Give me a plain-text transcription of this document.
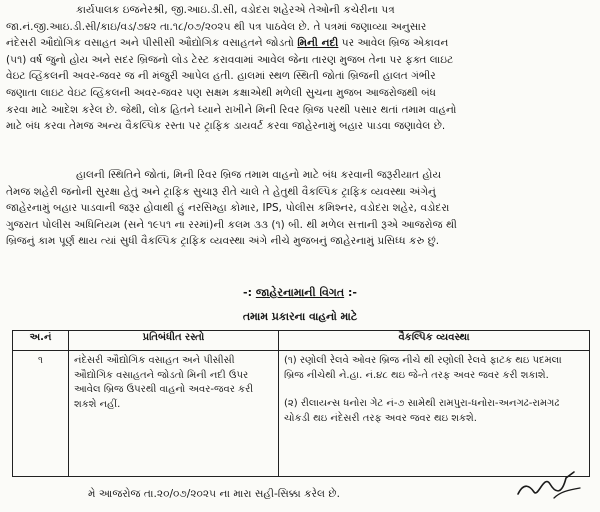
કાર્યપાલક ઇજનેરશ્રી, જી.આઇ.ડી.સી, વડોદરા શહેરએ તેઓની કચેરીના પત્ર
જા.નં.જી.આઇ.ડી.સી/કાઇ/વડ/૭૪૨ તા.૧૮/૦૭/૨૦૨૫ થી પત્ર પાઠવેલ છે. તે પત્રમાં જણાવ્યા અનુસાર
નંદેસરી ઔદ્યોગિક વસાહત અને પીસીસી ઔદ્યોગિક વસાહતને જોડતો મિની નદી પર આવેલ બ્રિજ એકાવન
(૫૧) વર્ષ જુનો હોય અને સદર બ્રિજનો લોડ ટેસ્ટ કરાવવામાં આવેલ જેના તારણ મુજબ તેના પર ફક્ત લાઇટ
વેઇટ વ્હિકલની અવર-જવર જ ની મંજુરી આપેલ હતી. હાલમાં સ્થળ સ્થિતી જોતાં બ્રિજની હાલત ગંભીર
જણાતા લાઇટ વેઇટ વ્હિકલની અવર-જવર પણ સક્ષમ કક્ષાએથી મળેલી સુચના મુજબ આજરોજથી બંધ
કરવા માટે આદેશ કરેલ છે. જેથી, લોક હિતને ધ્યાને રાખીને મિની રિવર બ્રિજ પરથી પસાર થતાં તમામ વાહનો
માટે બંધ કરવા તેમજ અન્ય વૈકલ્પિક રસ્તા પર ટ્રાફિક ડાયવર્ટ કરવા જાહેરનામું બહાર પાડવા જણાવેલ છે.
હાલની સ્થિતિને જોતાં, મિની રિવર બ્રિજ તમામ વાહનો માટે બંધ કરવાની જરૂરીયાત હોય
તેમજ શહેરી જનોની સુરક્ષા હેતું અને ટ્રાફિક સુચારૂ રીતે ચાલે તે હેતુથી વૈકલ્પિક ટ્રાફિક વ્યવસ્થા અંગેનું
જાહેરનામું બહાર પાડવાની જરૂર હોવાથી હું નરસિમ્હા કોમાર, IPS, પોલીસ કમિશ્નર, વડોદરા શહેર, વડોદરા
ગુજરાત પોલીસ અધિનિયમ (સને ૧૯૫૧ ના રરમાં)ની કલમ ૩૩ (૧) બી. થી મળેલ સત્તાની રૂએ આજરોજ થી
બ્રિજનું કામ પૂર્ણ થાય ત્યાં સુધી વૈકલ્પિક ટ્રાફિક વ્યવસ્થા અંગે નીચે મુજબનું જાહેરનામું પ્રસિધ્ધ કરુ છું.
-: જાહેરનામાની વિગત :-
તમામ પ્રકારના વાહનો માટે
અ.નં	પ્રતિબંધીત રસ્તો	વૈકલ્પિક વ્યવસ્થા
૧	નંદેસરી ઔદ્યોગિક વસાહત અને પીસીસી ઔદ્યોગિક વસાહતને જોડતો મિની નદી ઉપર આવેલ બ્રિજ ઉપરથી વાહનો અવર-જવર કરી શકશે નહીં.	(૧) રણોલી રેલવે ઓવર બ્રિજ નીચે થી રણોલી રેલવે ફાટક થઇ પદમલા બ્રિજ નીચેથી ને.હા. નં.૪૮ થઇ જે-તે તરફ અવર જવર કરી શકાશે.
(૨) રીલાયન્સ ધનોરા ગેટ નં-૭ સામેથી રામપુરા-ધનોરા-અનગઢ-રામગઢ ચોકડી થઇ નંદેસરી તરફ અવર જવર થઇ શકશે.
મે આજરોજ તા.૨૦/૦૭/૨૦૨૫ ના મારા સહી-સિક્કા કરેલ છે.
